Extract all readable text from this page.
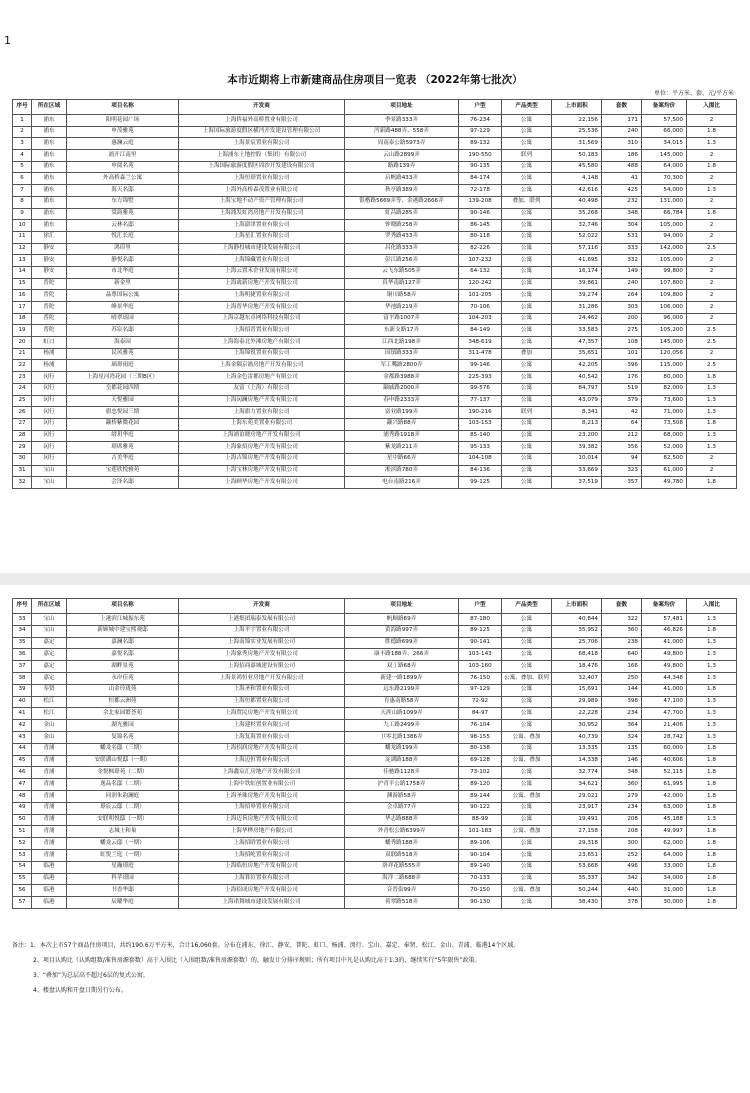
1
本市近期将上市新建商品住房项目一览表 （2022年第七批次）
单位：平方米、套、元/平方米
序号	所在区域	项目名称	开发商	项目地址	户型	产品类型	上市面积	套数	备案均价	入围比
1	浦东	阳明花园广场	上海侨福外高桥置业有限公司	季景路333弄	76-234	公寓	22,156	171	57,500	2
2	浦东	申茂雅苑	上海国际旅游度假区横沔开发建设管理有限公司	沔新路488弄、558弄	97-129	公寓	25,536	240	66,000	1.8
3	浦东	惠澜云庭	上海景宸置业有限公司	周南泰公路5973弄	89-132	公寓	31,569	310	34,015	1.3
4	浦东	浦开江南里	上海浦东土地控股（集团）有限公司	云山路2899弄	190-550	联列	50,183	186	145,000	2
5	浦东	申阅名苑	上海国际旅游度假区周沙开发建设有限公司	路路139弄	90-135	公寓	45,580	488	64,000	1.8
6	浦东	外高桥森兰公寓	上海恒璟置业有限公司	启帆路433弄	84-174	公寓	4,148	41	70,300	2
7	浦东	海天名邸	上海外高桥森茂置业有限公司	秋亭路389弄	72-178	公寓	42,616	425	54,000	1.3
8	浦东	东方锦墅	上海宝地不动产资产管理有限公司	银楷路5669弄等、金港路2666弄	139-208	叠加、联列	40,498	232	131,000	2
9	浦东	棠韵雅苑	上海浦发虹湾房地产开发有限公司	虹昌路285弄	90-146	公寓	35,268	348	66,784	1.8
10	浦东	云林名邸	上海澎津置业有限公司	钟晓路258弄	86-145	公寓	32,746	304	105,000	2
11	徐汇	悦汇长庭	上海星汇置业有限公司	罗秀路433弄	80-118	公寓	52,022	531	94,000	2
12	静安	鸿印里	上海静投城市建设发展有限公司	昌化路333弄	82-226	公寓	57,116	333	142,000	2.5
13	静安	静悦名邸	上海锦藏置业有限公司	彭江路256弄	107-232	公寓	41,695	332	105,000	2
14	静安	市北华庭	上海云置禾企业发展有限公司	云飞东路505弄	64-132	公寓	16,174	149	99,800	2
15	普陀	新金里	上海禽新房地产开发有限公司	真华南路127弄	120-242	公寓	39,861	240	107,800	2
16	普陀	晶尊国际公寓	上海明捷置业有限公司	铜川路58弄	101-205	公寓	39,274	264	109,800	2
17	普陀	峰景华庭	上海普华房地产开发有限公司	华池路219弄	70-106	公寓	31,286	303	106,000	2
18	普陀	晴翠瑶园	上海京越东卓网络科技有限公司	富平路1007弄	104-203	公寓	24,462	200	96,000	2
19	普陀	苏宸名邸	上海招普置业有限公司	东新支路17弄	84-149	公寓	33,583	275	105,200	2.5
20	虹口	海泰园	上海海泰北外滩房地产有限公司	江西北路198弄	348-619	公寓	47,357	108	145,000	2.5
21	杨浦	民风雅苑	上海锦锐置业有限公司	国镇路333弄	311-478	叠加	35,651	101	120,056	2
22	杨浦	璃璟雨庭	上海金隅京浦房地产开发有限公司	军工嘴路2800弄	99-146	公寓	42,205	396	115,000	2.5
23	闵行	上海星河湾花园（三期B区）	上海金色雷都房地产有限公司	金都路3988弄	225-393	公寓	40,542	176	80,000	1.8
24	闵行	皇都花园四期	友富（上海）有限公司	颛戚路2000弄	99-576	公寓	84,797	519	82,000	1.3
25	闵行	天悦雅园	上海闵澜房地产开发有限公司	春申路2333弄	77-137	公寓	43,079	379	73,600	1.3
26	闵行	旗忠悦园三期	上海旗力置业有限公司	富业路199弄	190-216	联列	8,341	42	71,000	1.3
27	闵行	颛桥紫微花园	上海东苑美置业有限公司	颛兴路88弄	103-153	公寓	8,213	64	73,508	1.8
28	闵行	缙玥华庭	上海浦谊晓房地产开发有限公司	浦秀路1918弄	85-140	公寓	23,200	212	68,000	1.3
29	闵行	璟席雅苑	上海象招房地产开发有限公司	紫龙路211弄	95-133	公寓	39,382	356	52,000	1.3
30	闵行	吉美华庭	上海吉锦房地产开发有限公司	星中路66弄	104-108	公寓	10,014	94	82,500	2
31	宝山	宝莲欣悦雅苑	上海宝林房地产开发有限公司	淞滨路780弄	84-136	公寓	33,669	323	61,000	2
32	宝山	会泽名邸	上海顾华房地产开发有限公司	电台南路216弄	99-125	公寓	37,519	357	49,780	1.8
序号	所在区域	项目名称	开发商	项目地址	户型	产品类型	上市面积	套数	备案均价	入围比
33	宝山	上港滨江城振东苑	上港集团瑞泰发展有限公司	帆顺路69弄	87-180	公寓	40,844	322	57,481	1.3
34	宝山	新顾城中建宝熙观邸	上海平宇置业有限公司	黄海路997弄	89-125	公寓	35,952	360	46,826	1.8
35	嘉定	嘉澜名邸	上海南锦实业发展有限公司	胜德路699弄	90-141	公寓	25,706	238	41,000	1.3
36	嘉定	嘉悦名邸	上海象秀房地产开发有限公司	康丰路188弄、266弄	103-143	公寓	68,418	640	49,800	1.3
37	嘉定	湖畔景苑	上海招商嘉城建设有限公司	双丁路68弄	103-160	公寓	18,476	166	49,800	1.3
38	嘉定	永岸佳苑	上海景鸿恒业房地产开发有限公司	新建一路1899弄	76-150	公寓、叠加、联列	32,407	250	44,348	1.3
39	奉贤	山金玲珑苑	上海圣和置业有限公司	远东路2199弄	97-129	公寓	15,691	144	41,000	1.8
40	松江	恒都云洲苑	上海恒都置业有限公司	育惠南路58弄	72-92	公寓	29,989	398	47,100	1.3
41	松江	佘北家园繁荟苑	上海贸民房地产开发有限公司	天涯山路1099弄	84-97	公寓	22,228	234	47,700	1.3
42	金山	湖光雅园	上海建杉置业有限公司	九工路2499弄	76-104	公寓	30,952	364	21,406	1.3
43	金山	复锦名苑	上海复海置业有限公司	卫零北路1386弄	98-155	公寓、叠加	40,739	324	28,742	1.3
44	青浦	蟠龙名邸（三期）	上海招润房地产开发有限公司	蟠龙路199弄	80-138	公寓	13,335	135	60,000	1.8
45	青浦	安联湖山悦邸（一期）	上海迈恒置业有限公司	淀湖路188弄	69-128	公寓、叠加	14,338	146	40,606	1.8
46	青浦	金悦枫璟苑（二期）	上海鑫宸汇房地产开发有限公司	佳驰路1128弄	73-102	公寓	32,774	348	52,115	1.8
47	青浦	逸品名邸（二期）	上海中铁虹创置业有限公司	沪青平公路1758弄	89-120	公寓	34,621	360	61,995	1.8
48	青浦	同润朱韵澜庭	上海圣珠房地产开发有限公司	渊游路58弄	89-144	公寓、叠加	29,021	279	42,000	1.8
49	青浦	璟宸云邸（二期）	上海招皋置业有限公司	会卓路77弄	90-122	公寓	23,917	234	63,000	1.8
50	青浦	安联明悦邸（一期）	上海迈旨房地产开发有限公司	华志路888弄	88-99	公寓	19,491	208	45,188	1.3
51	青浦	志城上和巢	上海华桦房地产有限公司	外青松公路6399弄	101-183	公寓、叠加	27,158	208	49,997	1.8
52	青浦	蟠龙云邸（一期）	上海招晗置业有限公司	蟠秀路188弄	89-106	公寓	29,318	300	62,000	1.8
53	青浦	虹悦兰庭（一期）	上海招屹置业有限公司	双联路518弄	90-104	公寓	23,651	252	64,000	1.8
54	临港	星瀚璟庭	上海临恒房地产开发有限公司	洛祥花路555弄	89-140	公寓	53,668	496	33,000	1.8
55	临港	科苹璟园	上海算渲置业有限公司	海洋二路688弄	70-133	公寓	35,337	342	34,000	1.8
56	临港	书香华邸	上海招成房地产开发有限公司	音普街99弄	70-150	公寓、叠加	50,244	440	31,000	1.8
57	临港	辰曜华庭	上海诺舞城市建设发展有限公司	荷翠路518弄	90-130	公寓	38,430	378	30,000	1.8
备注：1、本次上市57个商品住房项目，共约190.6万平方米，合计16,060套。分布在浦东、徐汇、静安、普陀、虹口、杨浦、闵行、宝山、嘉定、奉贤、松江、金山、青浦、临港14个区域。
2、项目认购比（认购组数/准售房源套数）高于入围比（入围组数/准售房源套数）的，触发计分排序规则；所有项目中凡是认购比高于1.3的，继续实行“5年限售”政策。
3、“叠加”为总层高不超过6层的复式公寓。
4、楼盘认购和开盘日期另行公布。
